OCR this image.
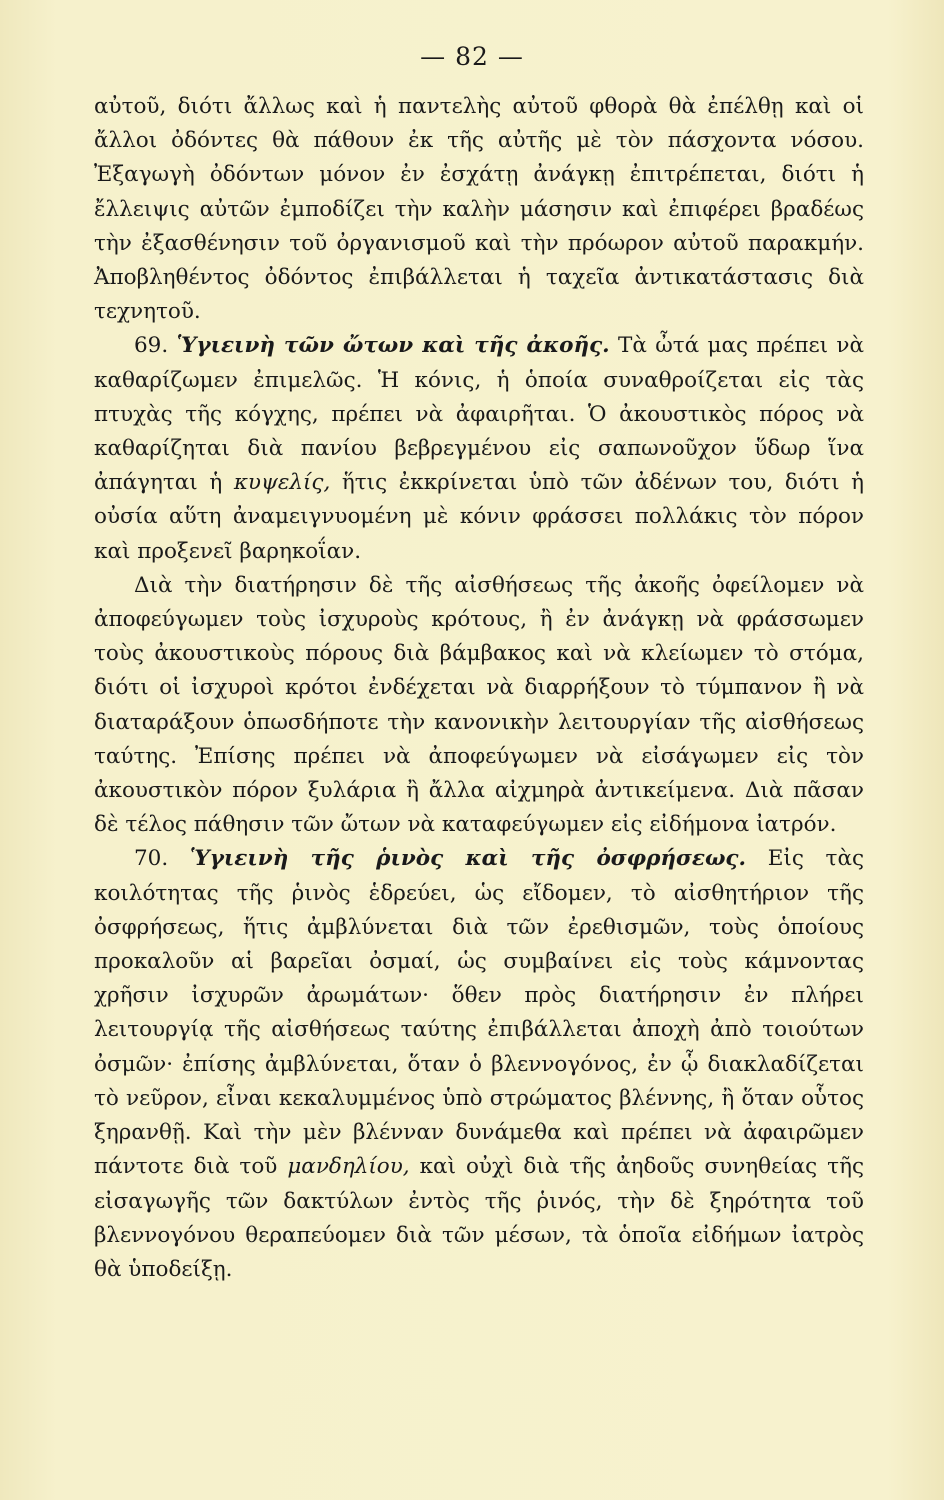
— 82 —

αὐτοῦ, διότι ἄλλως καὶ ἡ παντελὴς αὐτοῦ φθορὰ θὰ ἐπέλθῃ καὶ οἱ ἄλλοι ὀδόντες θὰ πάθουν ἐκ τῆς αὐτῆς μὲ τὸν πάσχοντα νόσου. Ἐξαγωγὴ ὀδόντων μόνον ἐν ἐσχάτῃ ἀνάγκῃ ἐπιτρέπεται, διότι ἡ ἔλλειψις αὐτῶν ἐμποδίζει τὴν καλὴν μάσησιν καὶ ἐπιφέρει βραδέως τὴν ἐξασθένησιν τοῦ ὀργανισμοῦ καὶ τὴν πρόωρον αὐτοῦ παρακμήν. Ἀποβληθέντος ὀδόντος ἐπιβάλλεται ἡ ταχεῖα ἀντικατάστασις διὰ τεχνητοῦ.

69. Ὑγιεινὴ τῶν ὤτων καὶ τῆς ἀκοῆς. Τὰ ὦτά μας πρέπει νὰ καθαρίζωμεν ἐπιμελῶς. Ἡ κόνις, ἡ ὁποία συναθροίζεται εἰς τὰς πτυχὰς τῆς κόγχης, πρέπει νὰ ἀφαιρῆται. Ὁ ἀκουστικὸς πόρος νὰ καθαρίζηται διὰ πανίου βεβρεγμένου εἰς σαπωνοῦχον ὕδωρ ἵνα ἀπάγηται ἡ κυψελίς, ἥτις ἐκκρίνεται ὑπὸ τῶν ἀδένων του, διότι ἡ οὐσία αὕτη ἀναμειγνυομένη μὲ κόνιν φράσσει πολλάκις τὸν πόρον καὶ προξενεῖ βαρηκοΐαν.

Διὰ τὴν διατήρησιν δὲ τῆς αἰσθήσεως τῆς ἀκοῆς ὀφείλομεν νὰ ἀποφεύγωμεν τοὺς ἰσχυροὺς κρότους, ἢ ἐν ἀνάγκῃ νὰ φράσσωμεν τοὺς ἀκουστικοὺς πόρους διὰ βάμβακος καὶ νὰ κλείωμεν τὸ στόμα, διότι οἱ ἰσχυροὶ κρότοι ἐνδέχεται νὰ διαρρήξουν τὸ τύμπανον ἢ νὰ διαταράξουν ὁπωσδήποτε τὴν κανονικὴν λειτουργίαν τῆς αἰσθήσεως ταύτης. Ἐπίσης πρέπει νὰ ἀποφεύγωμεν νὰ εἰσάγωμεν εἰς τὸν ἀκουστικὸν πόρον ξυλάρια ἢ ἄλλα αἰχμηρὰ ἀντικείμενα. Διὰ πᾶσαν δὲ τέλος πάθησιν τῶν ὤτων νὰ καταφεύγωμεν εἰς εἰδήμονα ἰατρόν.

70. Ὑγιεινὴ τῆς ῥινὸς καὶ τῆς ὀσφρήσεως. Εἰς τὰς κοιλότητας τῆς ῥινὸς ἑδρεύει, ὡς εἴδομεν, τὸ αἰσθητήριον τῆς ὀσφρήσεως, ἥτις ἀμβλύνεται διὰ τῶν ἐρεθισμῶν, τοὺς ὁποίους προκαλοῦν αἱ βαρεῖαι ὀσμαί, ὡς συμβαίνει εἰς τοὺς κάμνοντας χρῆσιν ἰσχυρῶν ἀρωμάτων· ὅθεν πρὸς διατήρησιν ἐν πλήρει λειτουργίᾳ τῆς αἰσθήσεως ταύτης ἐπιβάλλεται ἀποχὴ ἀπὸ τοιούτων ὀσμῶν· ἐπίσης ἀμβλύνεται, ὅταν ὁ βλεννογόνος, ἐν ᾧ διακλαδίζεται τὸ νεῦρον, εἶναι κεκαλυμμένος ὑπὸ στρώματος βλέννης, ἢ ὅταν οὗτος ξηρανθῇ. Καὶ τὴν μὲν βλένναν δυνάμεθα καὶ πρέπει νὰ ἀφαιρῶμεν πάντοτε διὰ τοῦ μανδηλίου, καὶ οὐχὶ διὰ τῆς ἀηδοῦς συνηθείας τῆς εἰσαγωγῆς τῶν δακτύλων ἐντὸς τῆς ῥινός, τὴν δὲ ξηρότητα τοῦ βλεννογόνου θεραπεύομεν διὰ τῶν μέσων, τὰ ὁποῖα εἰδήμων ἰατρὸς θὰ ὑποδείξῃ.
